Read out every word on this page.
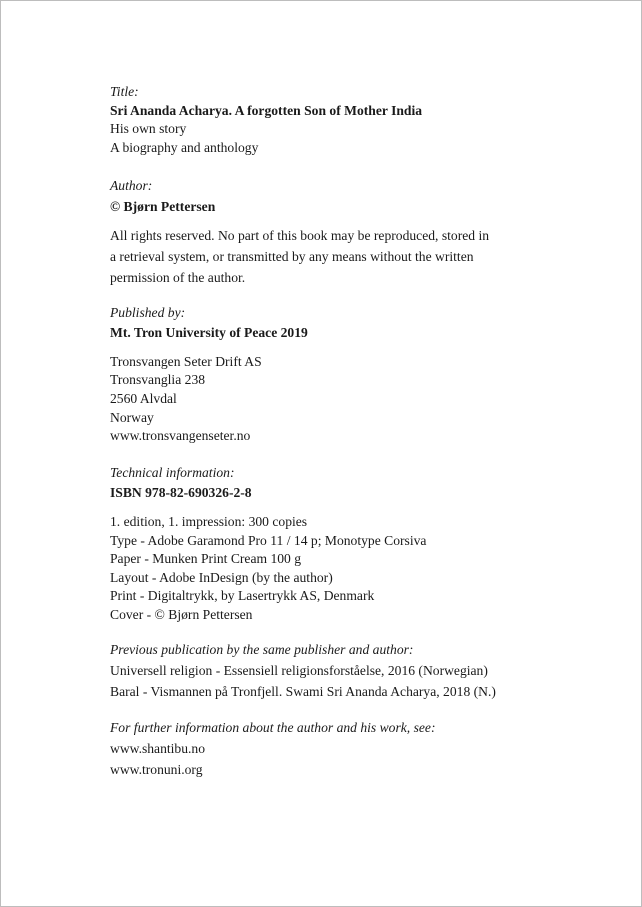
Title:
Sri Ananda Acharya. A forgotten Son of Mother India
His own story
A biography and anthology
Author:
© Bjørn Pettersen
All rights reserved. No part of this book may be reproduced, stored in
a retrieval system, or transmitted by any means without the written
permission of the author.
Published by:
Mt. Tron University of Peace 2019
Tronsvangen Seter Drift AS
Tronsvanglia 238
2560 Alvdal
Norway
www.tronsvangenseter.no
Technical information:
ISBN 978-82-690326-2-8
1. edition, 1. impression: 300 copies
Type - Adobe Garamond Pro 11 / 14 p; Monotype Corsiva
Paper - Munken Print Cream 100 g
Layout - Adobe InDesign (by the author)
Print - Digitaltrykk, by Lasertrykk AS, Denmark
Cover - © Bjørn Pettersen
Previous publication by the same publisher and author:
Universell religion - Essensiell religionsforståelse, 2016 (Norwegian)
Baral - Vismannen på Tronfjell. Swami Sri Ananda Acharya, 2018 (N.)
For further information about the author and his work, see:
www.shantibu.no
www.tronuni.org
